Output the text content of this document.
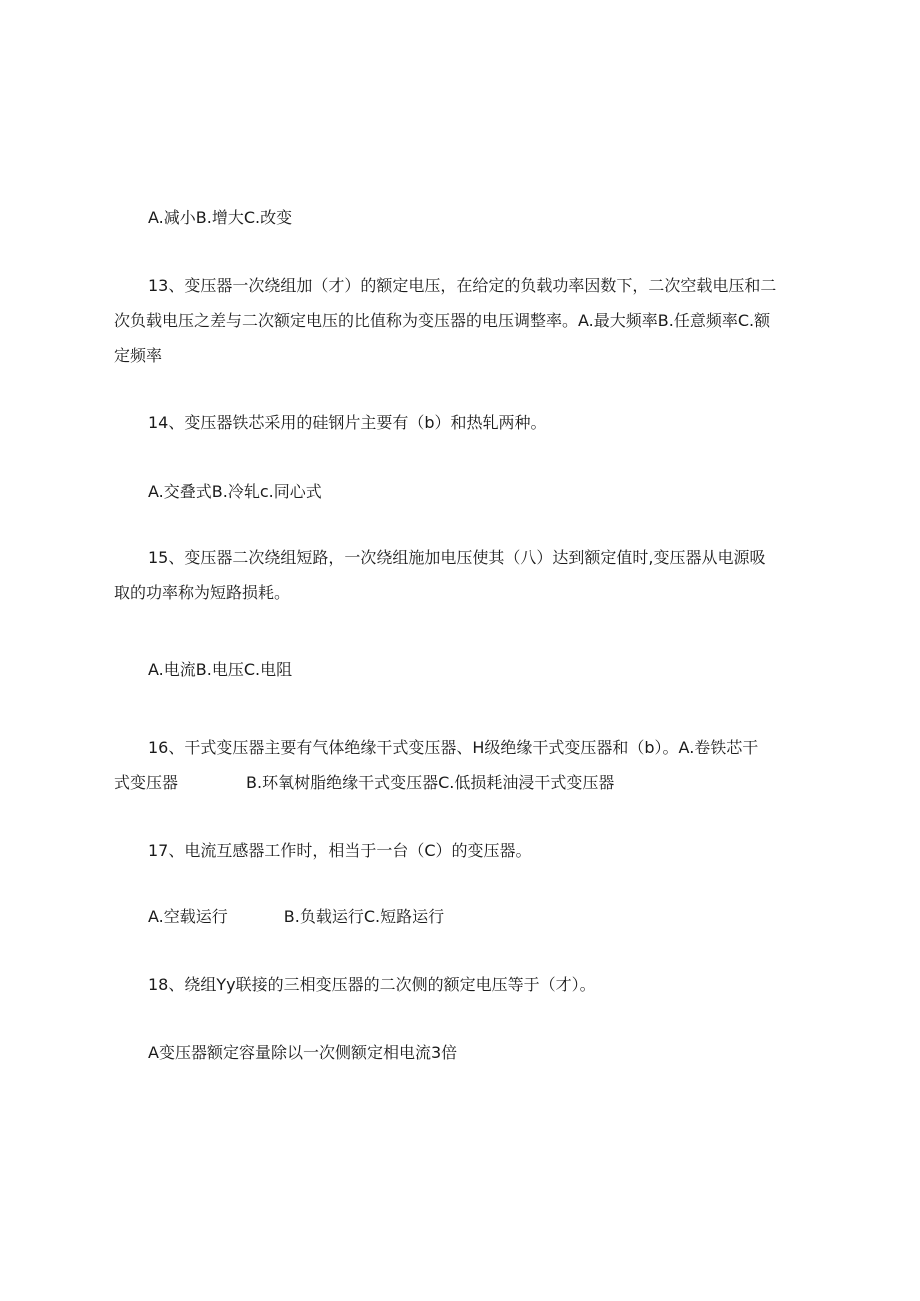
A.减小B.增大C.改变

13、变压器一次绕组加（才）的额定电压，在给定的负载功率因数下，二次空载电压和二
次负载电压之差与二次额定电压的比值称为变压器的电压调整率。A.最大频率B.任意频率C.额
定频率

14、变压器铁芯采用的硅钢片主要有（b）和热轧两种。

A.交叠式B.冷轧c.同心式

15、变压器二次绕组短路，一次绕组施加电压使其（八）达到额定值时,变压器从电源吸
取的功率称为短路损耗。

A.电流B.电压C.电阻

16、干式变压器主要有气体绝缘干式变压器、H级绝缘干式变压器和（b）。A.卷铁芯干
式变压器	B.环氧树脂绝缘干式变压器C.低损耗油浸干式变压器

17、电流互感器工作时，相当于一台（C）的变压器。

A.空载运行	B.负载运行C.短路运行

18、绕组Yy联接的三相变压器的二次侧的额定电压等于（才）。

A变压器额定容量除以一次侧额定相电流3倍
